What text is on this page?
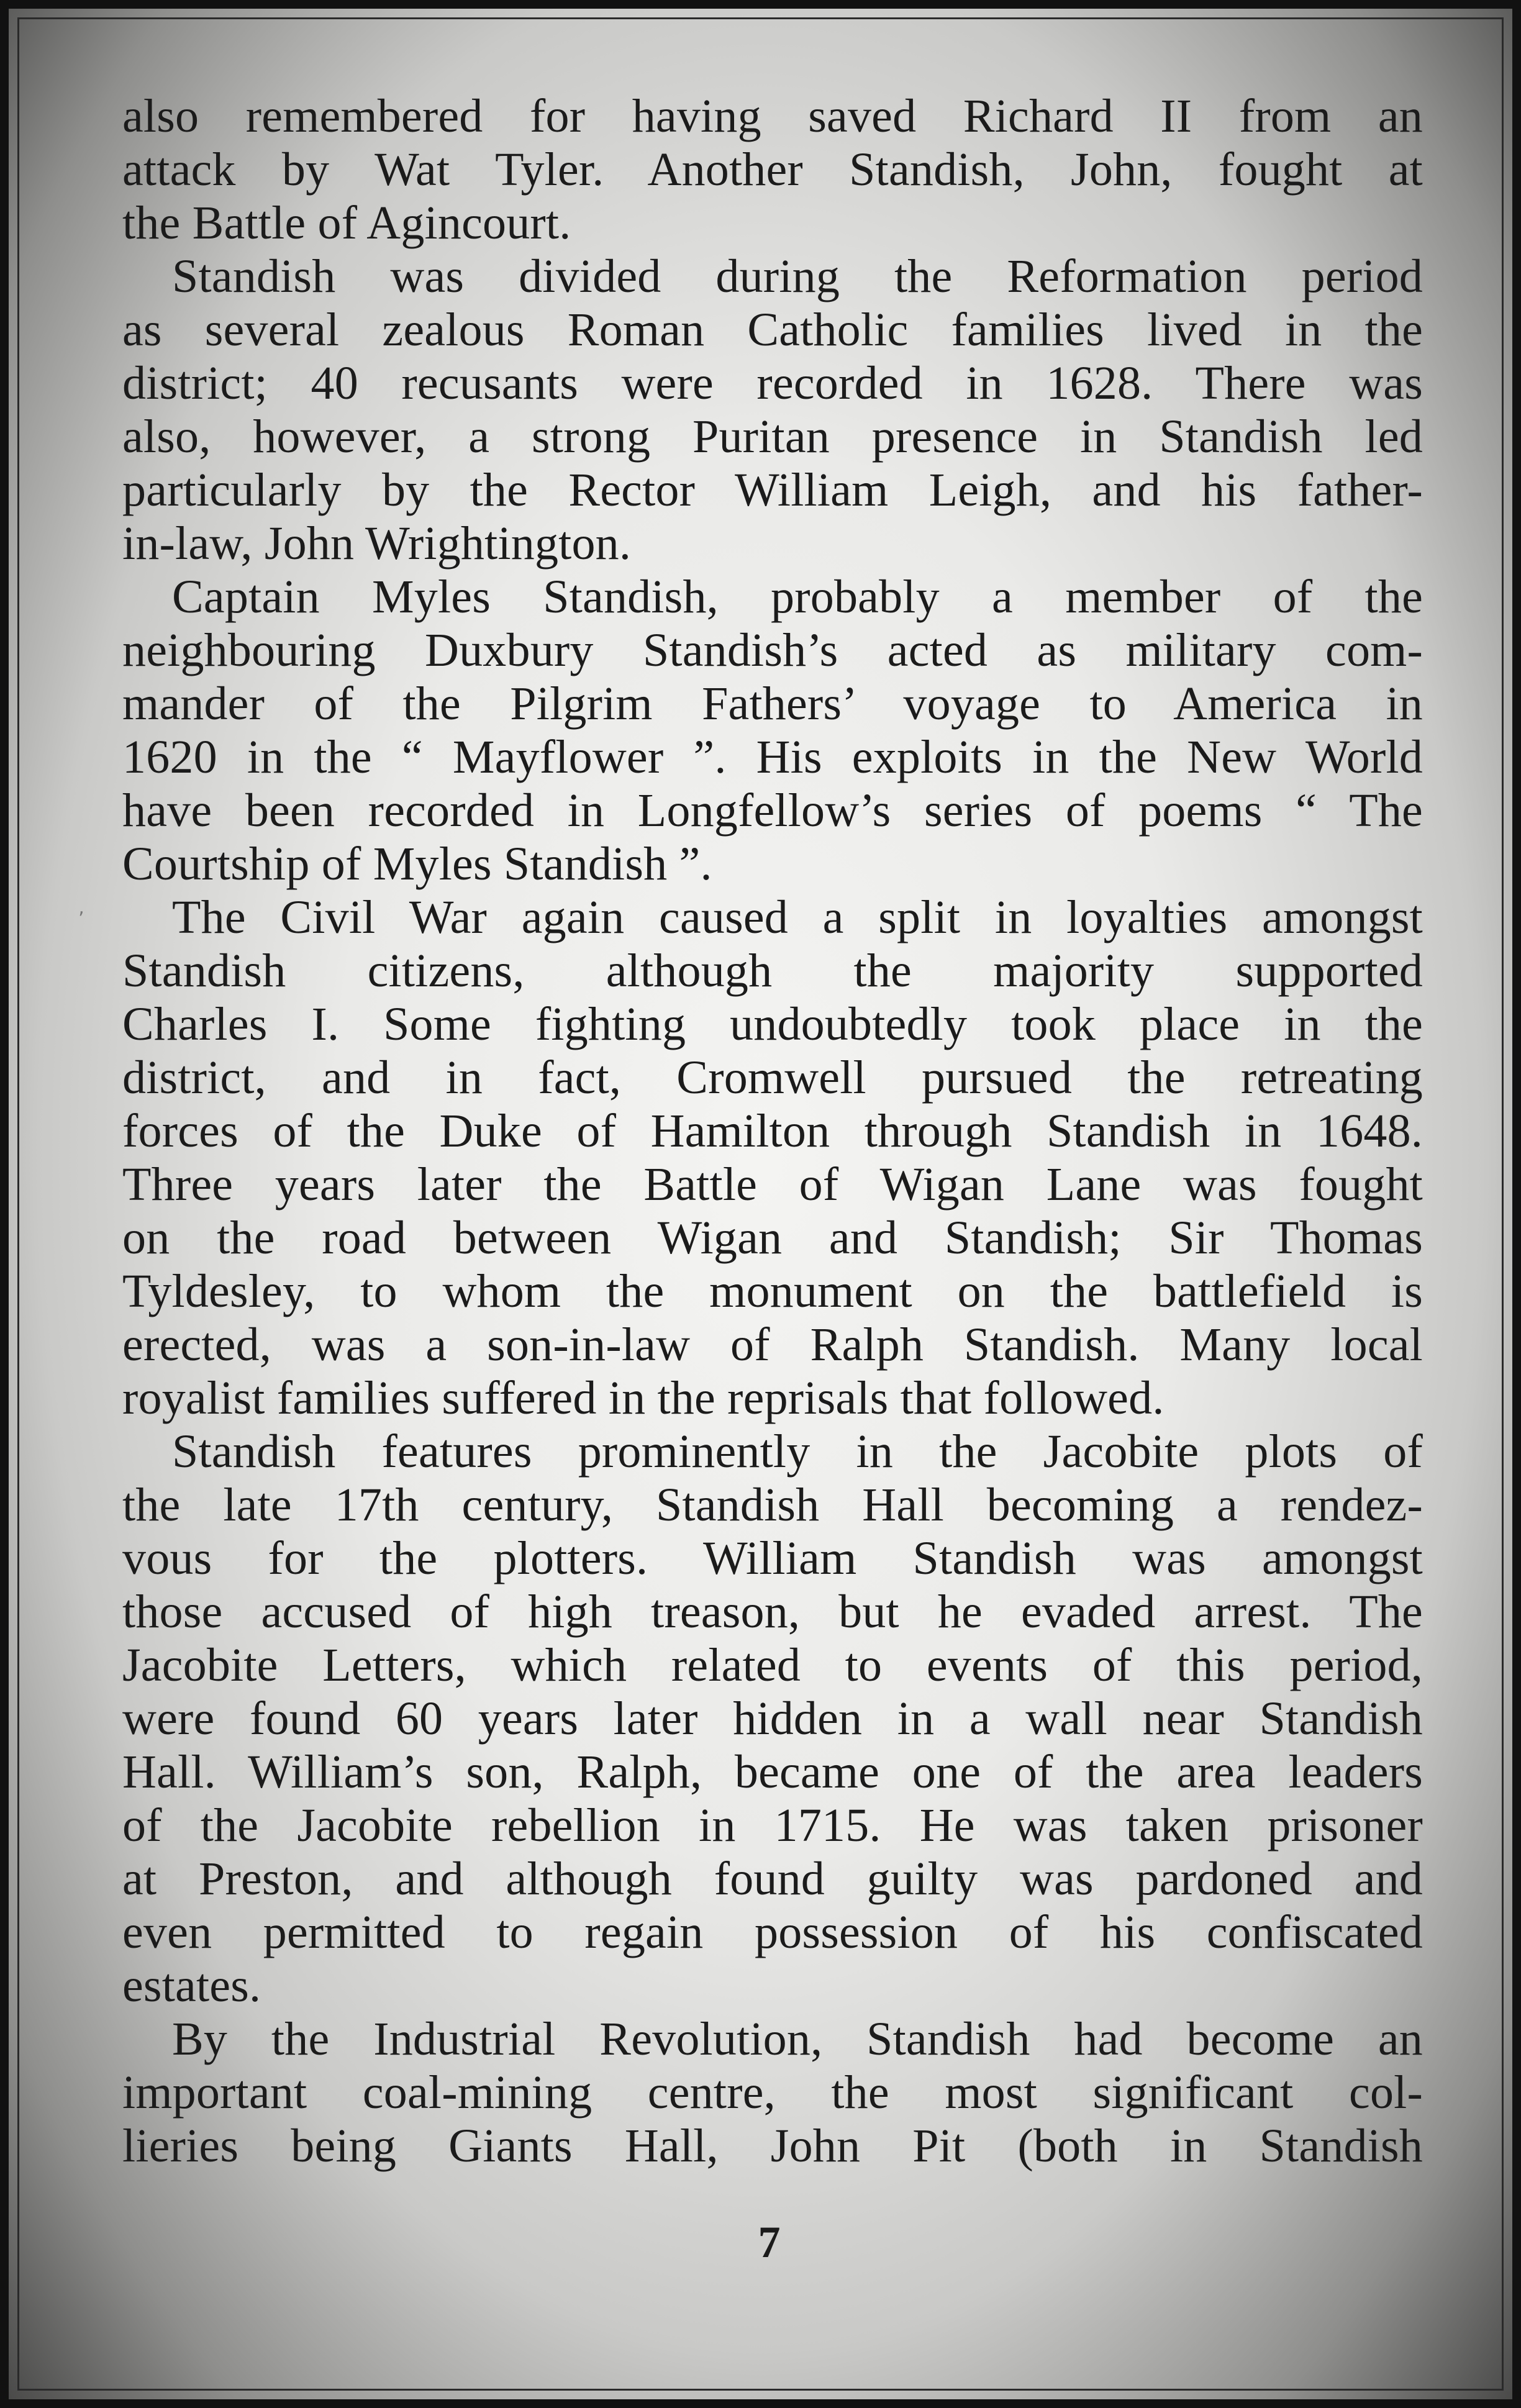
‚
also remembered for having saved Richard II from an
attack by Wat Tyler. Another Standish, John, fought at
the Battle of Agincourt.
Standish was divided during the Reformation period
as several zealous Roman Catholic families lived in the
district; 40 recusants were recorded in 1628. There was
also, however, a strong Puritan presence in Standish led
particularly by the Rector William Leigh, and his father-
in-law, John Wrightington.
Captain Myles Standish, probably a member of the
neighbouring Duxbury Standish’s acted as military com-
mander of the Pilgrim Fathers’ voyage to America in
1620 in the “ Mayflower ”. His exploits in the New World
have been recorded in Longfellow’s series of poems “ The
Courtship of Myles Standish ”.
The Civil War again caused a split in loyalties amongst
Standish citizens, although the majority supported
Charles I. Some fighting undoubtedly took place in the
district, and in fact, Cromwell pursued the retreating
forces of the Duke of Hamilton through Standish in 1648.
Three years later the Battle of Wigan Lane was fought
on the road between Wigan and Standish; Sir Thomas
Tyldesley, to whom the monument on the battlefield is
erected, was a son-in-law of Ralph Standish. Many local
royalist families suffered in the reprisals that followed.
Standish features prominently in the Jacobite plots of
the late 17th century, Standish Hall becoming a rendez-
vous for the plotters. William Standish was amongst
those accused of high treason, but he evaded arrest. The
Jacobite Letters, which related to events of this period,
were found 60 years later hidden in a wall near Standish
Hall. William’s son, Ralph, became one of the area leaders
of the Jacobite rebellion in 1715. He was taken prisoner
at Preston, and although found guilty was pardoned and
even permitted to regain possession of his confiscated
estates.
By the Industrial Revolution, Standish had become an
important coal-mining centre, the most significant col-
lieries being Giants Hall, John Pit (both in Standish
7
